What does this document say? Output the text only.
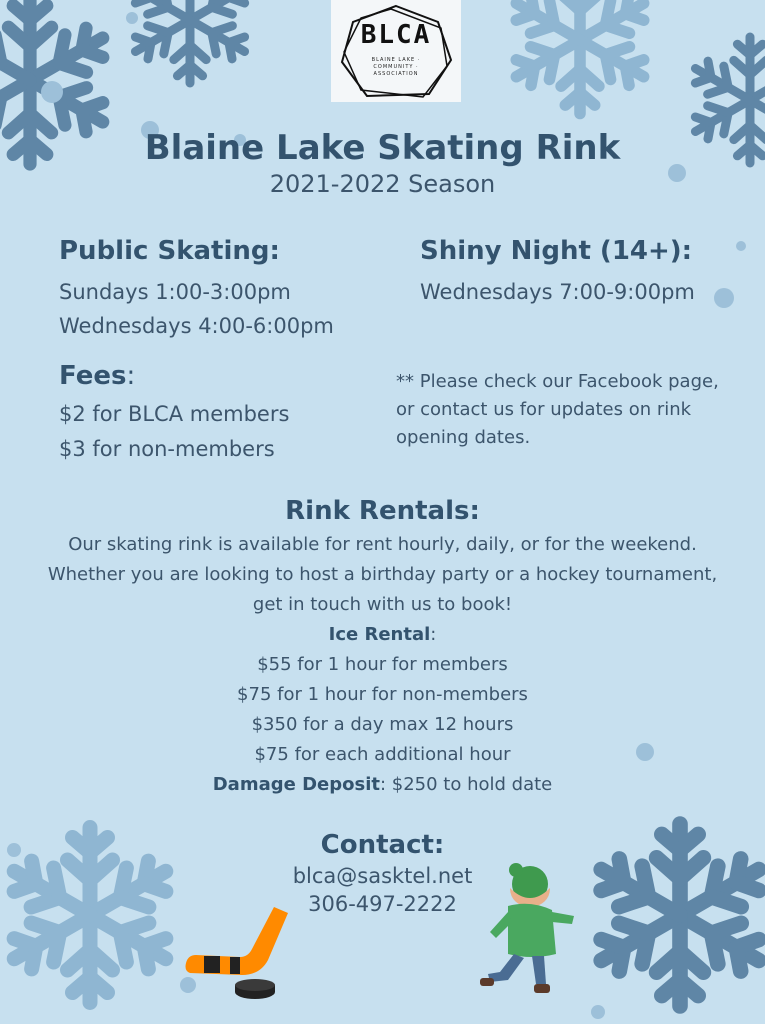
BLCA
BLAINE LAKE · COMMUNITY · ASSOCIATION
Blaine Lake Skating Rink
2021-2022 Season
Public Skating:
Sundays 1:00-3:00pm
Wednesdays 4:00-6:00pm
Shiny Night (14+):
Wednesdays 7:00-9:00pm
Fees:
$2 for BLCA members
$3 for non-members
** Please check our Facebook page, or contact us for updates on rink opening dates.
Rink Rentals:
Our skating rink is available for rent hourly, daily, or for the weekend. Whether you are looking to host a birthday party or a hockey tournament, get in touch with us to book!
Ice Rental:
$55 for 1 hour for members
$75 for 1 hour for non-members
$350 for a day max 12 hours
$75 for each additional hour
Damage Deposit: $250 to hold date
Contact:
blca@sasktel.net
306-497-2222
